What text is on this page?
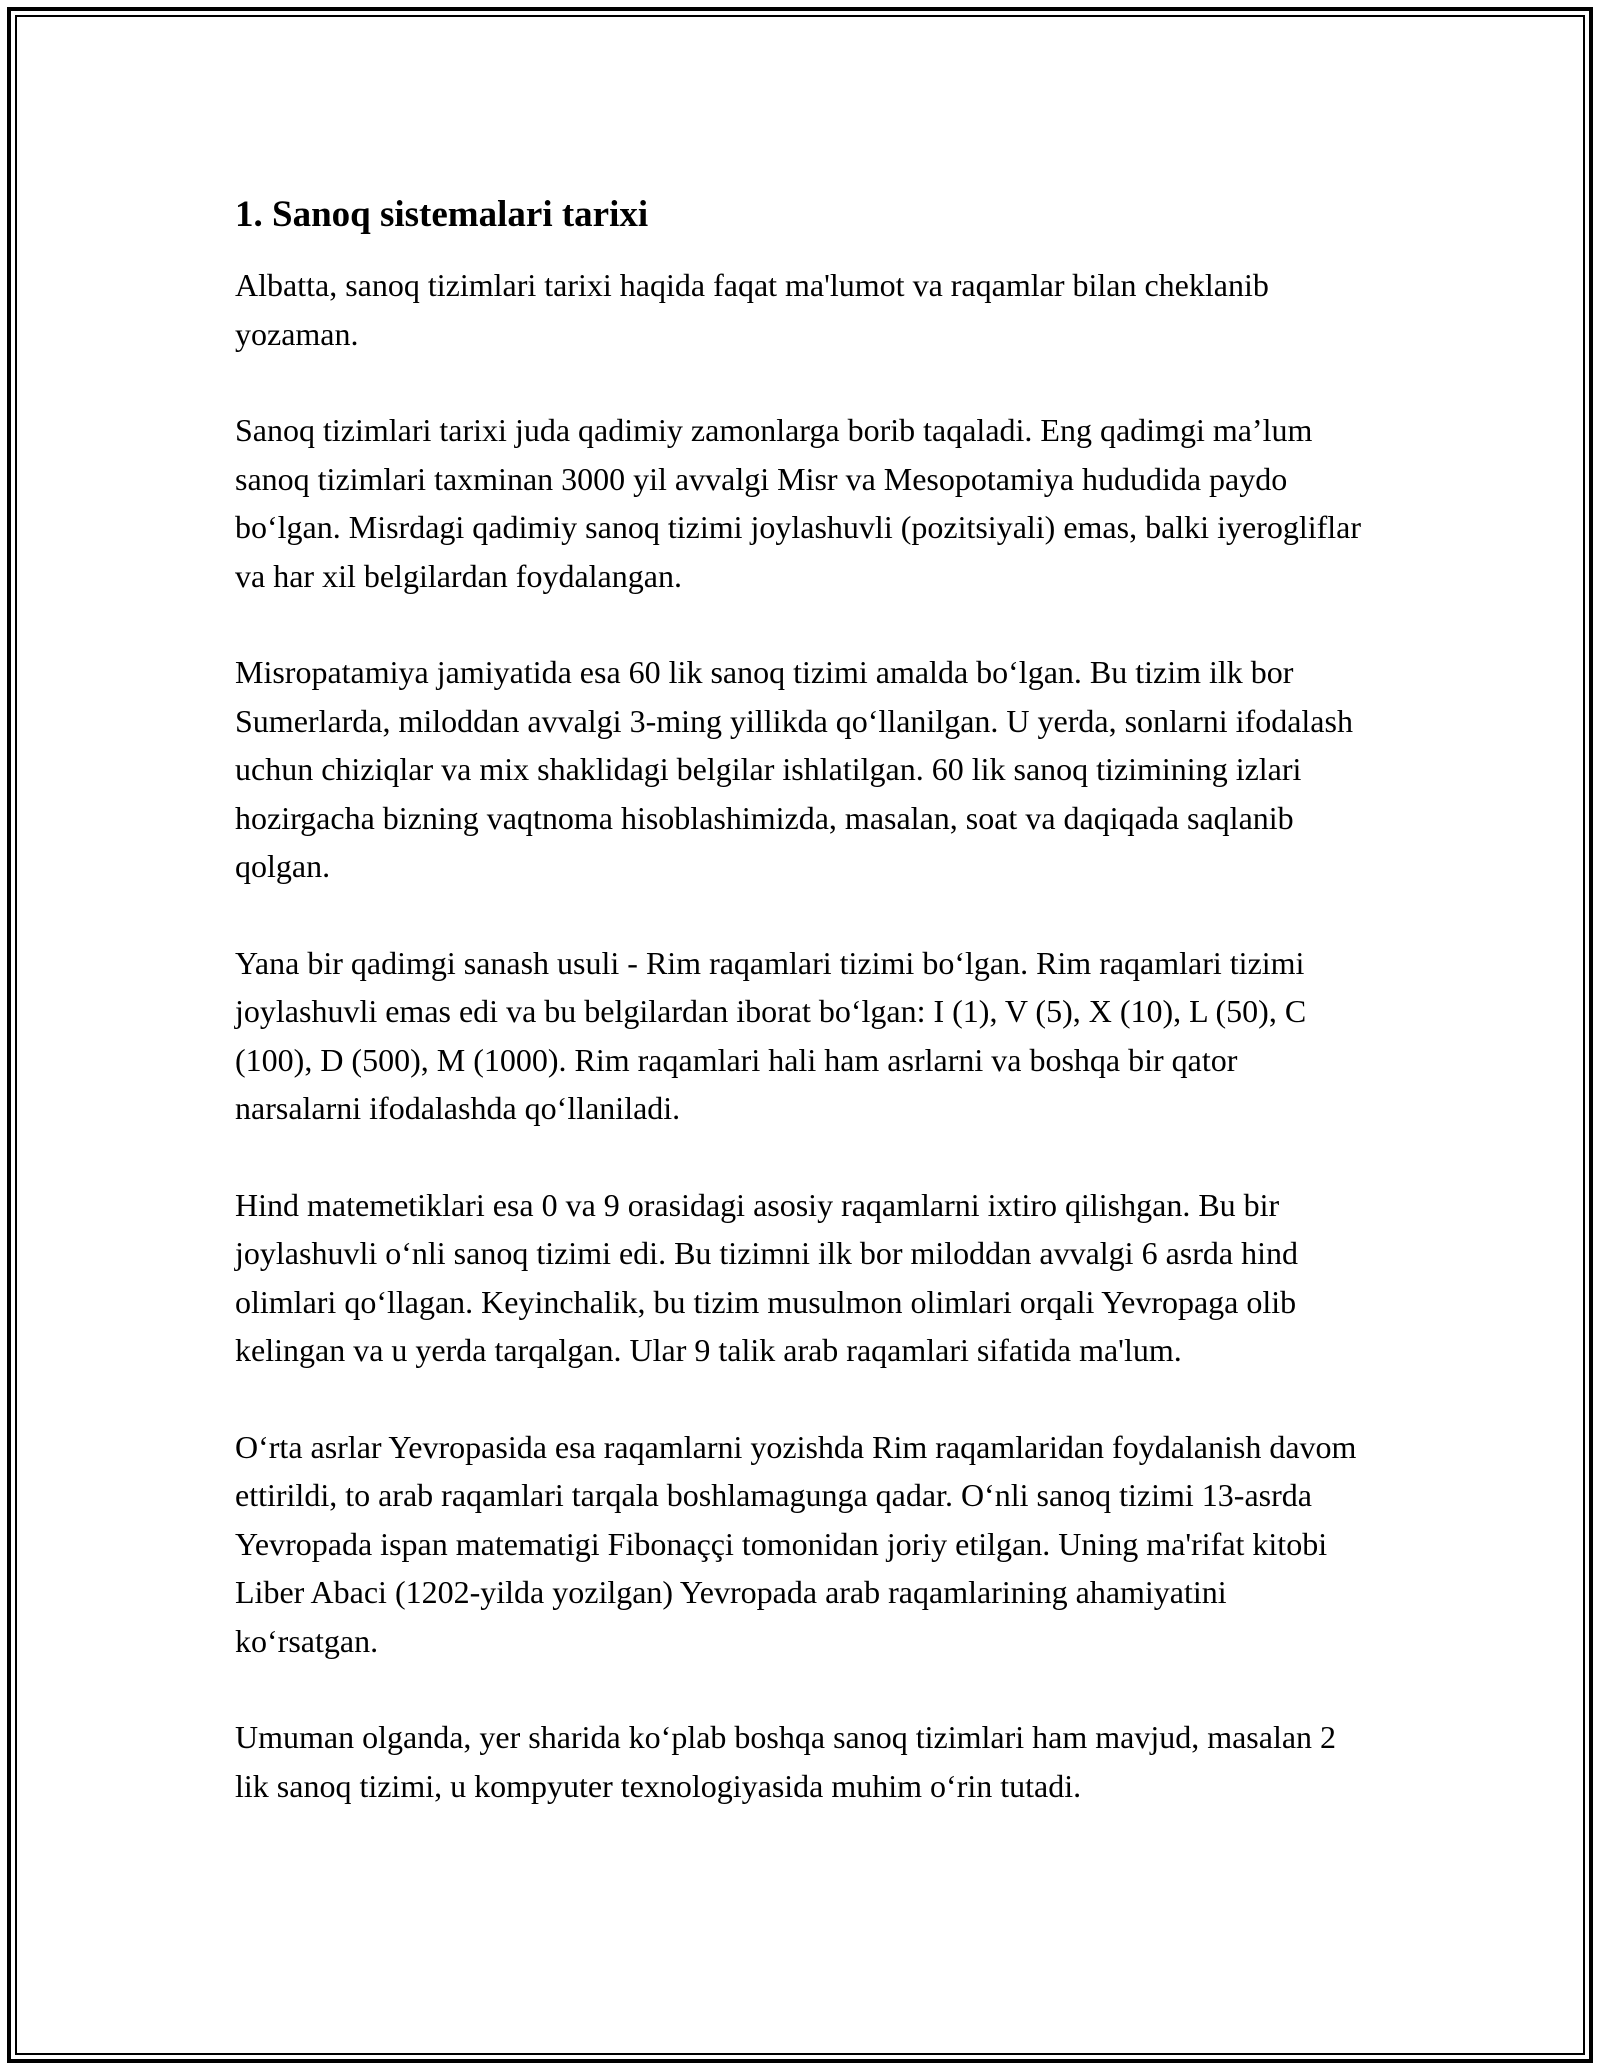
1. Sanoq sistemalari tarixi

Albatta, sanoq tizimlari tarixi haqida faqat ma'lumot va raqamlar bilan cheklanib yozaman.

Sanoq tizimlari tarixi juda qadimiy zamonlarga borib taqaladi. Eng qadimgi ma’lum sanoq tizimlari taxminan 3000 yil avvalgi Misr va Mesopotamiya hududida paydo bo‘lgan. Misrdagi qadimiy sanoq tizimi joylashuvli (pozitsiyali) emas, balki iyerogliflar va har xil belgilardan foydalangan.

Misropatamiya jamiyatida esa 60 lik sanoq tizimi amalda bo‘lgan. Bu tizim ilk bor Sumerlarda, miloddan avvalgi 3-ming yillikda qo‘llanilgan. U yerda, sonlarni ifodalash uchun chiziqlar va mix shaklidagi belgilar ishlatilgan. 60 lik sanoq tizimining izlari hozirgacha bizning vaqtnoma hisoblashimizda, masalan, soat va daqiqada saqlanib qolgan.

Yana bir qadimgi sanash usuli - Rim raqamlari tizimi bo‘lgan. Rim raqamlari tizimi joylashuvli emas edi va bu belgilardan iborat bo‘lgan: I (1), V (5), X (10), L (50), C (100), D (500), M (1000). Rim raqamlari hali ham asrlarni va boshqa bir qator narsalarni ifodalashda qo‘llaniladi.

Hind matemetiklari esa 0 va 9 orasidagi asosiy raqamlarni ixtiro qilishgan. Bu bir joylashuvli o‘nli sanoq tizimi edi. Bu tizimni ilk bor miloddan avvalgi 6 asrda hind olimlari qo‘llagan. Keyinchalik, bu tizim musulmon olimlari orqali Yevropaga olib kelingan va u yerda tarqalgan. Ular 9 talik arab raqamlari sifatida ma'lum.

O‘rta asrlar Yevropasida esa raqamlarni yozishda Rim raqamlaridan foydalanish davom ettirildi, to arab raqamlari tarqala boshlamagunga qadar. O‘nli sanoq tizimi 13-asrda Yevropada ispan matematigi Fibonaççi tomonidan joriy etilgan. Uning ma'rifat kitobi Liber Abaci (1202-yilda yozilgan) Yevropada arab raqamlarining ahamiyatini ko‘rsatgan.

Umuman olganda, yer sharida ko‘plab boshqa sanoq tizimlari ham mavjud, masalan 2 lik sanoq tizimi, u kompyuter texnologiyasida muhim o‘rin tutadi.
